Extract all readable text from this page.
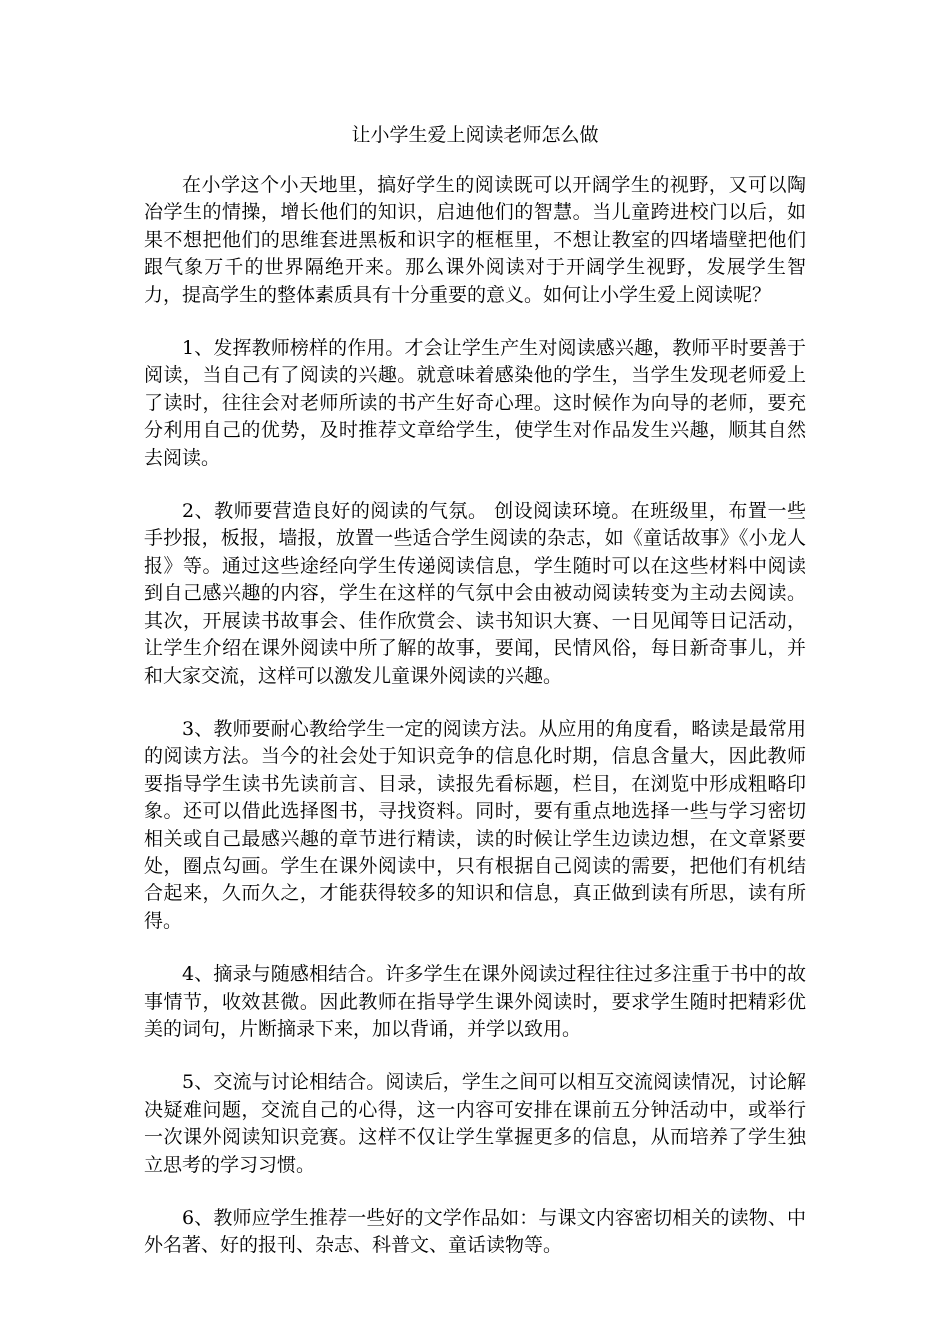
让小学生爱上阅读老师怎么做

在小学这个小天地里，搞好学生的阅读既可以开阔学生的视野，又可以陶冶学生的情操，增长他们的知识，启迪他们的智慧。当儿童跨进校门以后，如果不想把他们的思维套进黑板和识字的框框里，不想让教室的四堵墙壁把他们跟气象万千的世界隔绝开来。那么课外阅读对于开阔学生视野，发展学生智力，提高学生的整体素质具有十分重要的意义。如何让小学生爱上阅读呢？

1、发挥教师榜样的作用。才会让学生产生对阅读感兴趣，教师平时要善于阅读，当自己有了阅读的兴趣。就意味着感染他的学生，当学生发现老师爱上了读时，往往会对老师所读的书产生好奇心理。这时候作为向导的老师，要充分利用自己的优势，及时推荐文章给学生，使学生对作品发生兴趣，顺其自然去阅读。

2、教师要营造良好的阅读的气氛。 创设阅读环境。在班级里，布置一些手抄报，板报，墙报，放置一些适合学生阅读的杂志，如《童话故事》《小龙人报》等。通过这些途经向学生传递阅读信息，学生随时可以在这些材料中阅读到自己感兴趣的内容，学生在这样的气氛中会由被动阅读转变为主动去阅读。 其次，开展读书故事会、佳作欣赏会、读书知识大赛、一日见闻等日记活动，让学生介绍在课外阅读中所了解的故事，要闻，民情风俗，每日新奇事儿，并和大家交流，这样可以激发儿童课外阅读的兴趣。

3、教师要耐心教给学生一定的阅读方法。从应用的角度看，略读是最常用的阅读方法。当今的社会处于知识竞争的信息化时期，信息含量大，因此教师要指导学生读书先读前言、目录，读报先看标题，栏目，在浏览中形成粗略印象。还可以借此选择图书，寻找资料。同时，要有重点地选择一些与学习密切相关或自己最感兴趣的章节进行精读，读的时候让学生边读边想，在文章紧要处，圈点勾画。学生在课外阅读中，只有根据自己阅读的需要，把他们有机结合起来，久而久之，才能获得较多的知识和信息，真正做到读有所思，读有所得。

4、摘录与随感相结合。许多学生在课外阅读过程往往过多注重于书中的故事情节，收效甚微。因此教师在指导学生课外阅读时，要求学生随时把精彩优美的词句，片断摘录下来，加以背诵，并学以致用。

5、交流与讨论相结合。阅读后，学生之间可以相互交流阅读情况，讨论解决疑难问题，交流自己的心得，这一内容可安排在课前五分钟活动中，或举行一次课外阅读知识竞赛。这样不仅让学生掌握更多的信息，从而培养了学生独立思考的学习习惯。

6、教师应学生推荐一些好的文学作品如：与课文内容密切相关的读物、中外名著、好的报刊、杂志、科普文、童话读物等。
